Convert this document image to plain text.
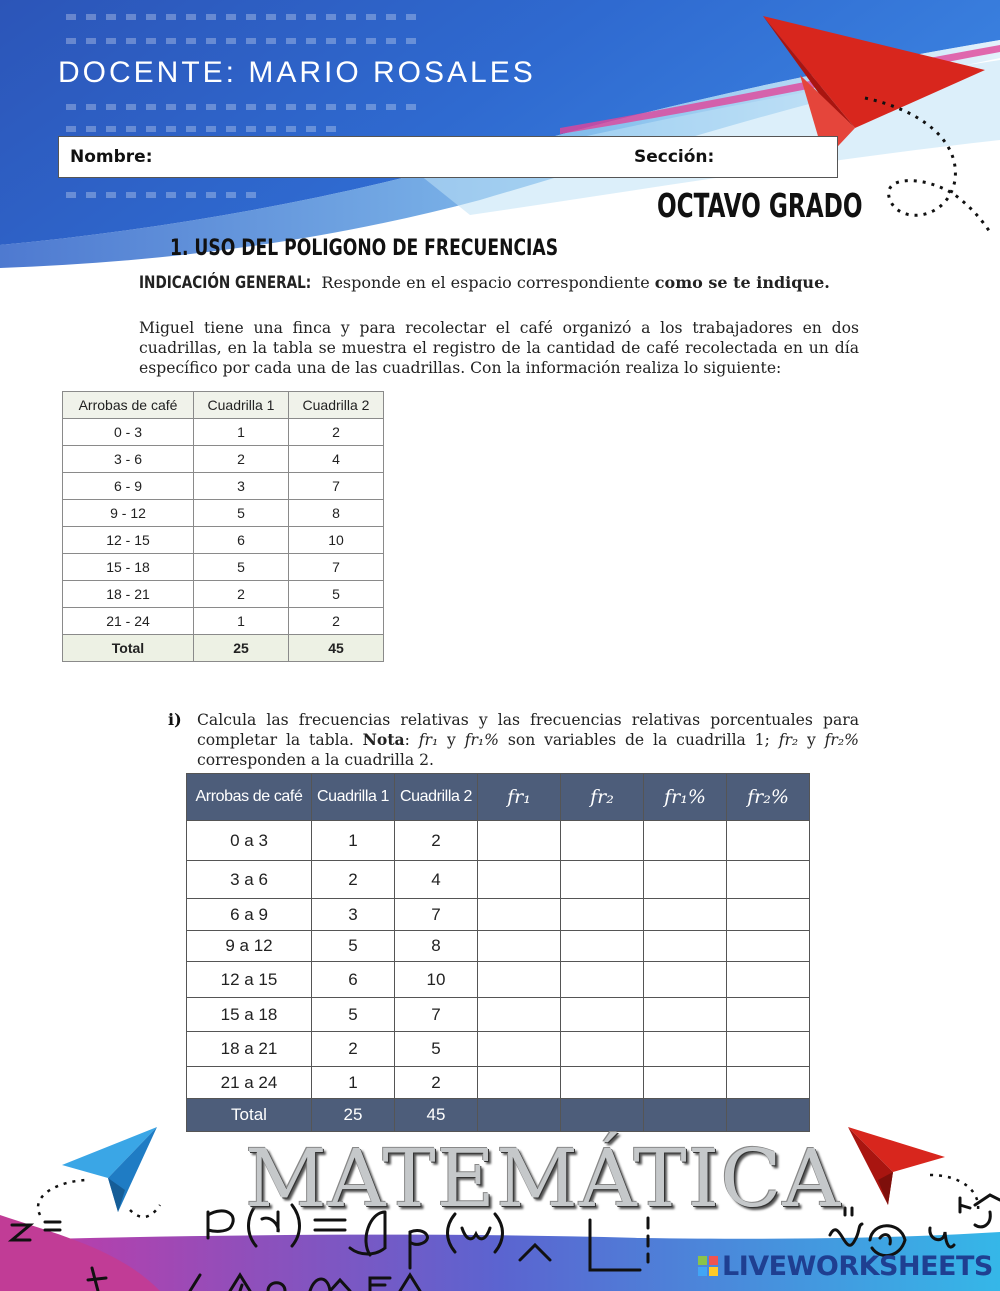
DOCENTE: MARIO ROSALES
Nombre:	Sección:
OCTAVO GRADO
1. USO DEL POLIGONO DE FRECUENCIAS
INDICACIÓN GENERAL: Responde en el espacio correspondiente como se te indique.
Miguel tiene una finca y para recolectar el café organizó a los trabajadores en dos cuadrillas, en la tabla se muestra el registro de la cantidad de café recolectada en un día específico por cada una de las cuadrillas. Con la información realiza lo siguiente:
Arrobas de café	Cuadrilla 1	Cuadrilla 2
0 - 3	1	2
3 - 6	2	4
6 - 9	3	7
9 - 12	5	8
12 - 15	6	10
15 - 18	5	7
18 - 21	2	5
21 - 24	1	2
Total	25	45
i) Calcula las frecuencias relativas y las frecuencias relativas porcentuales para completar la tabla. Nota: fr₁ y fr₁% son variables de la cuadrilla 1; fr₂ y fr₂% corresponden a la cuadrilla 2.
Arrobas de café	Cuadrilla 1	Cuadrilla 2	fr₁	fr₂	fr₁%	fr₂%
0 a 3	1	2				
3 a 6	2	4				
6 a 9	3	7				
9 a 12	5	8				
12 a 15	6	10				
15 a 18	5	7				
18 a 21	2	5				
21 a 24	1	2				
Total	25	45				
MATEMÁTICA
LIVEWORKSHEETS
